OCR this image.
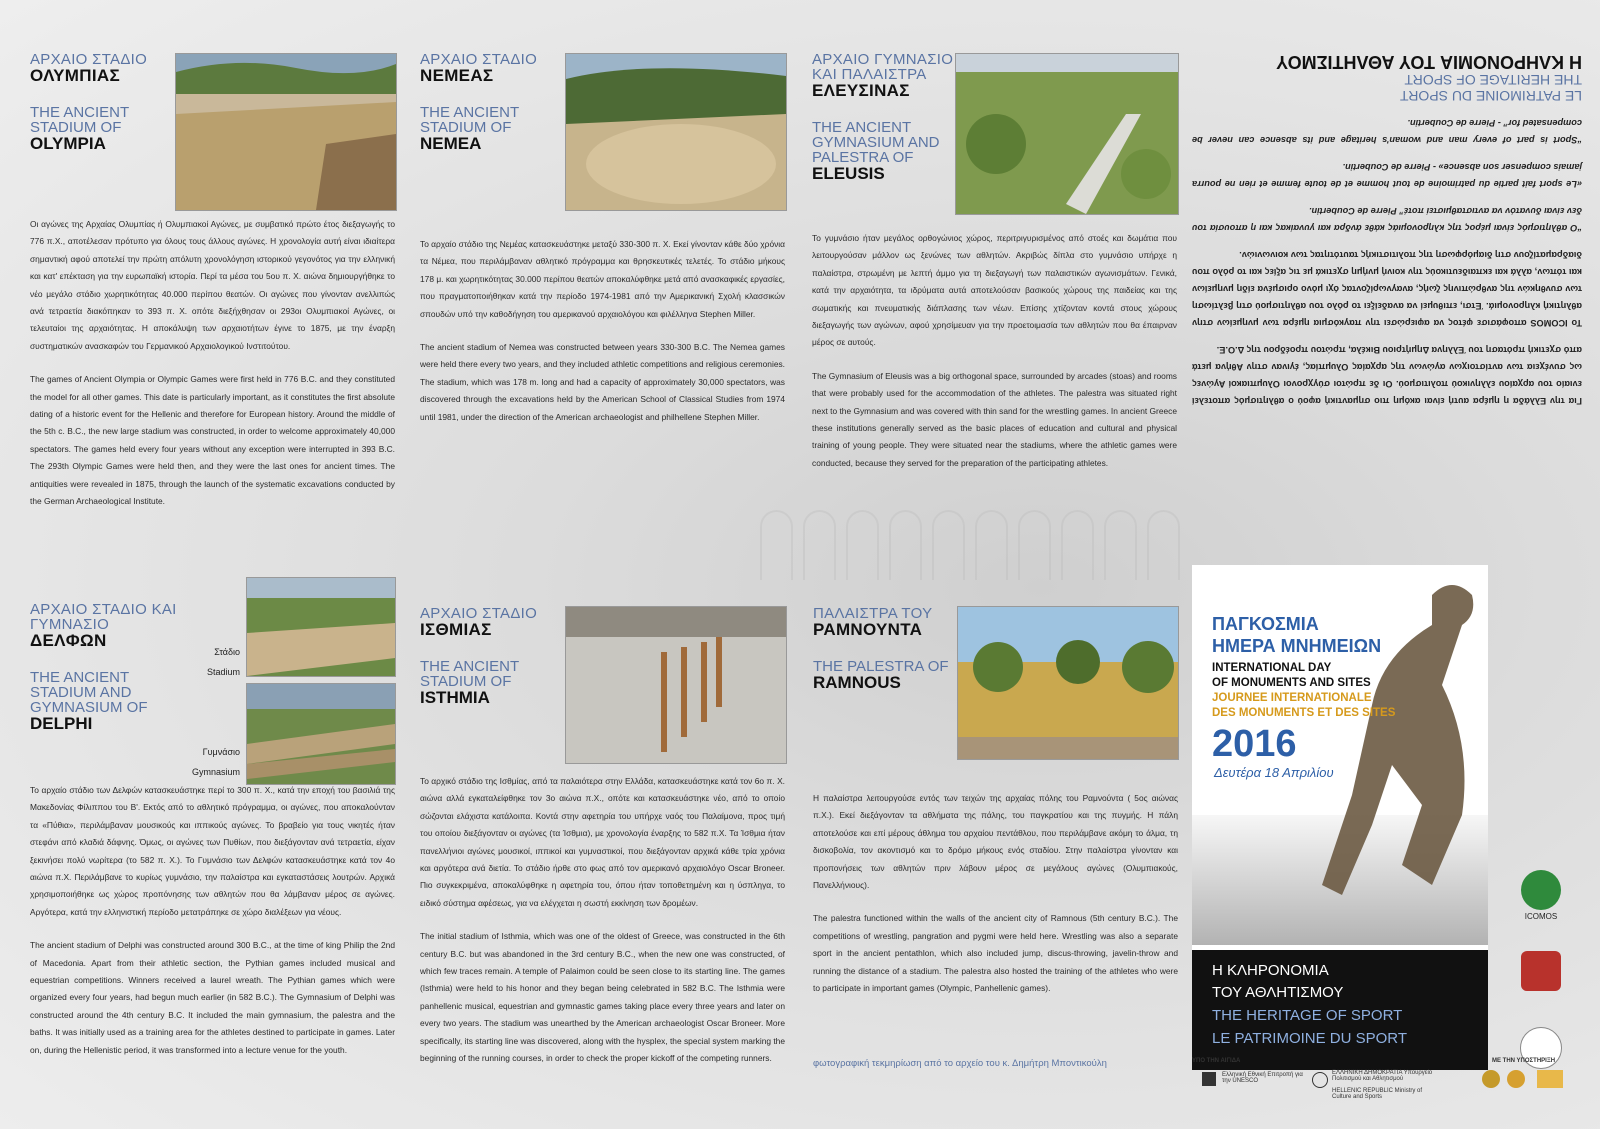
ΑΡΧΑΙΟ ΣΤΑΔΙΟ
ΟΛΥΜΠΙΑΣ
THE ANCIENT STADIUM OF
OLYMPIA

Οι αγώνες της Αρχαίας Ολυμπίας ή Ολυμπιακοί Αγώνες, με συμβατικό πρώτο έτος διεξαγωγής το 776 π.Χ., αποτέλεσαν πρότυπο για όλους τους άλλους αγώνες. Η χρονολογία αυτή είναι ιδιαίτερα σημαντική αφού αποτελεί την πρώτη απόλυτη χρονολόγηση ιστορικού γεγονότος για την ελληνική και κατ' επέκταση για την ευρωπαϊκή ιστορία. Περί τα μέσα του 5ου π. Χ. αιώνα δημιουργήθηκε το νέο μεγάλο στάδιο χωρητικότητας 40.000 περίπου θεατών. Οι αγώνες που γίνονταν ανελλιπώς ανά τετραετία διακόπηκαν το 393 π. Χ. οπότε διεξήχθησαν οι 293οι Ολυμπιακοί Αγώνες, οι τελευταίοι της αρχαιότητας. Η αποκάλυψη των αρχαιοτήτων έγινε το 1875, με την έναρξη συστηματικών ανασκαφών του Γερμανικού Αρχαιολογικού Ινστιτούτου.

The games of Ancient Olympia or Olympic Games were first held in 776 B.C. and they constituted the model for all other games. This date is particularly important, as it constitutes the first absolute dating of a historic event for the Hellenic and therefore for European history. Around the middle of the 5th c. B.C., the new large stadium was constructed, in order to welcome approximately 40,000 spectators. The games held every four years without any exception were interrupted in 393 B.C. The 293th Olympic Games were held then, and they were the last ones for ancient times. The antiquities were revealed in 1875, through the launch of the systematic excavations conducted by the German Archaeological Institute.

ΑΡΧΑΙΟ ΣΤΑΔΙΟ
ΝΕΜΕΑΣ
THE ANCIENT STADIUM OF
NEMEA

Το αρχαίο στάδιο της Νεμέας κατασκευάστηκε μεταξύ 330-300 π. Χ. Εκεί γίνονταν κάθε δύο χρόνια τα Νέμεα, που περιλάμβαναν αθλητικό πρόγραμμα και θρησκευτικές τελετές. Το στάδιο μήκους 178 μ. και χωρητικότητας 30.000 περίπου θεατών αποκαλύφθηκε μετά από ανασκαφικές εργασίες, που πραγματοποιήθηκαν κατά την περίοδο 1974-1981 από την Αμερικανική Σχολή κλασσικών σπουδών υπό την καθοδήγηση του αμερικανού αρχαιολόγου και φιλέλληνα Stephen Miller.

The ancient stadium of Nemea was constructed between years 330-300 B.C. The Nemea games were held there every two years, and they included athletic competitions and religious ceremonies. The stadium, which was 178 m. long and had a capacity of approximately 30,000 spectators, was discovered through the excavations held by the American School of Classical Studies from 1974 until 1981, under the direction of the American archaeologist and philhellene Stephen Miller.

ΑΡΧΑΙΟ ΓΥΜΝΑΣΙΟ ΚΑΙ ΠΑΛΑΙΣΤΡΑ
ΕΛΕΥΣΙΝΑΣ
THE ANCIENT GYMNASIUM AND PALESTRA OF
ELEUSIS

Το γυμνάσιο ήταν μεγάλος ορθογώνιος χώρος, περιτριγυρισμένος από στοές και δωμάτια που λειτουργούσαν μάλλον ως ξενώνες των αθλητών. Ακριβώς δίπλα στο γυμνάσιο υπήρχε η παλαίστρα, στρωμένη με λεπτή άμμο για τη διεξαγωγή των παλαιστικών αγωνισμάτων. Γενικά, κατά την αρχαιότητα, τα ιδρύματα αυτά αποτελούσαν βασικούς χώρους της παιδείας και της σωματικής και πνευματικής διάπλασης των νέων. Επίσης χτίζονταν κοντά στους χώρους διεξαγωγής των αγώνων, αφού χρησίμευαν για την προετοιμασία των αθλητών που θα έπαιρναν μέρος σε αυτούς.

The Gymnasium of Eleusis was a big orthogonal space, surrounded by arcades (stoas) and rooms that were probably used for the accommodation of the athletes. The palestra was situated right next to the Gymnasium and was covered with thin sand for the wrestling games. In ancient Greece these institutions generally served as the basic places of education and cultural and physical training of young people. They were situated near the stadiums, where the athletic games were conducted, because they served for the preparation of the participating athletes.

Για την Ελλάδα η ημέρα αυτή είναι ακόμη πιο σημαντική αφού ο αθλητισμός αποτελεί ενιαίο του αρχαίου ελληνικού πολιτισμού. Οι δε πρώτοι σύγχρονοι Ολυμπιακοί Αγώνες ως συνέχεια των αντίστοιχων αγώνων της αρχαίας Ολυμπίας, έγιναν στην Αθήνα μετά από σχετική πρόταση του Έλληνα Δημήτριου Βικέλα, πρώτου προέδρου της Δ.Ο.Ε.

Το ICOMOS αποφάσισε φέτος να αφιερώσει την παγκόσμια ημέρα των μνημείων στην αθλητική κληρονομιά. Έτσι, επιθυμεί να αναδείξει το ρόλο του αθλητισμού στη βελτίωση των συνθηκών της ανθρώπινης ζωής, αναγνωρίζοντας όχι μόνο ορισμένα είδη μνημείων και τόπων, αλλά και εκπαιδευτικούς την κοινή μνήμη σχετικά με τις αξίες και το ρόλο που διαδραματίζουν στη διαμόρφωση της πολιτιστικής ταυτότητας των κοινωνιών.

“Ο αθλητισμός είναι μέρος της κληρονομιάς κάθε άνδρα και γυναίκας και η απουσία του δεν είναι δυνατόν να αντισταθμιστεί ποτέ” Pierre de Coubertin.

«Le sport fait partie du patrimoine de tout homme et de toute femme et rien ne pourra jamais compenser son absence» - Pierre de Coubertin.

“Sport is part of every man and woman's heritage and its absence can never be compensated for” - Pierre de Coubertin.

LE PATRIMOINE DU SPORT
THE HERITAGE OF SPORT
Η ΚΛΗΡΟΝΟΜΙΑ ΤΟΥ ΑΘΛΗΤΙΣΜΟΥ
ΑΡΧΑΙΟ ΣΤΑΔΙΟ ΚΑΙ ΓΥΜΝΑΣΙΟ
ΔΕΛΦΩΝ
THE ANCIENT STADIUM AND GYMNASIUM OF
DELPHI
Στάδιο
Stadium
Γυμνάσιο
Gymnasium

Το αρχαίο στάδιο των Δελφών κατασκευάστηκε περί το 300 π. Χ., κατά την εποχή του βασιλιά της Μακεδονίας Φίλιππου του Β'. Εκτός από το αθλητικό πρόγραμμα, οι αγώνες, που αποκαλούνταν τα «Πύθια», περιλάμβαναν μουσικούς και ιππικούς αγώνες. Το βραβείο για τους νικητές ήταν στεφάνι από κλαδιά δάφνης. Όμως, οι αγώνες των Πυθίων, που διεξάγονταν ανά τετραετία, είχαν ξεκινήσει πολύ νωρίτερα (το 582 π. Χ.). Το Γυμνάσιο των Δελφών κατασκευάστηκε κατά τον 4ο αιώνα π.Χ. Περιλάμβανε το κυρίως γυμνάσιο, την παλαίστρα και εγκαταστάσεις λουτρών. Αρχικά χρησιμοποιήθηκε ως χώρος προπόνησης των αθλητών που θα λάμβαναν μέρος σε αγώνες. Αργότερα, κατά την ελληνιστική περίοδο μετατράπηκε σε χώρο διαλέξεων για νέους.

The ancient stadium of Delphi was constructed around 300 B.C., at the time of king Philip the 2nd of Macedonia. Apart from their athletic section, the Pythian games included musical and equestrian competitions. Winners received a laurel wreath. The Pythian games which were organized every four years, had begun much earlier (in 582 B.C.). The Gymnasium of Delphi was constructed around the 4th century B.C. It included the main gymnasium, the palestra and the baths. It was initially used as a training area for the athletes destined to participate in games. Later on, during the Hellenistic period, it was transformed into a lecture venue for the youth.

ΑΡΧΑΙΟ ΣΤΑΔΙΟ
ΙΣΘΜΙΑΣ
THE ANCIENT STADIUM OF
ISTHMIA

Το αρχικό στάδιο της Ισθμίας, από τα παλαιότερα στην Ελλάδα, κατασκευάστηκε κατά τον 6ο π. Χ. αιώνα αλλά εγκαταλείφθηκε τον 3ο αιώνα π.Χ., οπότε και κατασκευάστηκε νέο, από το οποίο σώζονται ελάχιστα κατάλοιπα. Κοντά στην αφετηρία του υπήρχε ναός του Παλαίμονα, προς τιμή του οποίου διεξάγονταν οι αγώνες (τα Ίσθμια), με χρονολογία έναρξης το 582 π.Χ. Τα Ίσθμια ήταν πανελλήνιοι αγώνες μουσικοί, ιππικοί και γυμναστικοί, που διεξάγονταν αρχικά κάθε τρία χρόνια και αργότερα ανά διετία. Το στάδιο ήρθε στο φως από τον αμερικανό αρχαιολόγο Oscar Broneer. Πιο συγκεκριμένα, αποκαλύφθηκε η αφετηρία του, όπου ήταν τοποθετημένη και η ύσπληγα, το ειδικό σύστημα αφέσεως, για να ελέγχεται η σωστή εκκίνηση των δρομέων.

The initial stadium of Isthmia, which was one of the oldest of Greece, was constructed in the 6th century B.C. but was abandoned in the 3rd century B.C., when the new one was constructed, of which few traces remain. A temple of Palaimon could be seen close to its starting line. The games (Isthmia) were held to his honor and they began being celebrated in 582 B.C. The Isthmia were panhellenic musical, equestrian and gymnastic games taking place every three years and later on every two years. The stadium was unearthed by the American archaeologist Oscar Broneer. More specifically, its starting line was discovered, along with the hysplex, the special system marking the beginning of the running courses, in order to check the proper kickoff of the competing runners.

ΠΑΛΑΙΣΤΡΑ ΤΟΥ
ΡΑΜΝΟΥΝΤΑ
THE PALESTRA OF
RAMNOUS

Η παλαίστρα λειτουργούσε εντός των τειχών της αρχαίας πόλης του Ραμνούντα ( 5ος αιώνας π.Χ.). Εκεί διεξάγονταν τα αθλήματα της πάλης, του παγκρατίου και της πυγμής. Η πάλη αποτελούσε και επί μέρους άθλημα του αρχαίου πεντάθλου, που περιλάμβανε ακόμη το άλμα, τη δισκοβολία, τον ακοντισμό και το δρόμο μήκους ενός σταδίου. Στην παλαίστρα γίνονταν και προπονήσεις των αθλητών πριν λάβουν μέρος σε μεγάλους αγώνες (Ολυμπιακούς, Πανελλήνιους).

The palestra functioned within the walls of the ancient city of Ramnous (5th century B.C.). The competitions of wrestling, pangration and pygmi were held here. Wrestling was also a separate sport in the ancient pentathlon, which also included jump, discus-throwing, javelin-throw and running the distance of a stadium. The palestra also hosted the training of the athletes who were to participate in important games (Olympic, Panhellenic games).

φωτογραφική τεκμηρίωση από το αρχείο του κ. Δημήτρη Μποντικούλη
ΠΑΓΚΟΣΜΙΑ
ΗΜΕΡΑ ΜΝΗΜΕΙΩΝ
INTERNATIONAL DAY
OF MONUMENTS AND SITES
JOURNEE INTERNATIONALE
DES MONUMENTS ET DES SITES
2016
Δευτέρα 18 Απριλίου
Η ΚΛΗΡΟΝΟΜΙΑ
ΤΟΥ ΑΘΛΗΤΙΣΜΟΥ
THE HERITAGE OF SPORT
LE PATRIMOINE DU SPORT
ICOMOS
ΥΠΟ ΤΗΝ ΑΙΓΙΔΑ	ΜΕ ΤΗΝ ΥΠΟΣΤΗΡΙΞΗ
Ελληνική Εθνική Επιτροπή για την UNESCO
ΕΛΛΗΝΙΚΗ ΔΗΜΟΚΡΑΤΙΑ Υπουργείο Πολιτισμού και Αθλητισμού
HELLENIC REPUBLIC Ministry of Culture and Sports
